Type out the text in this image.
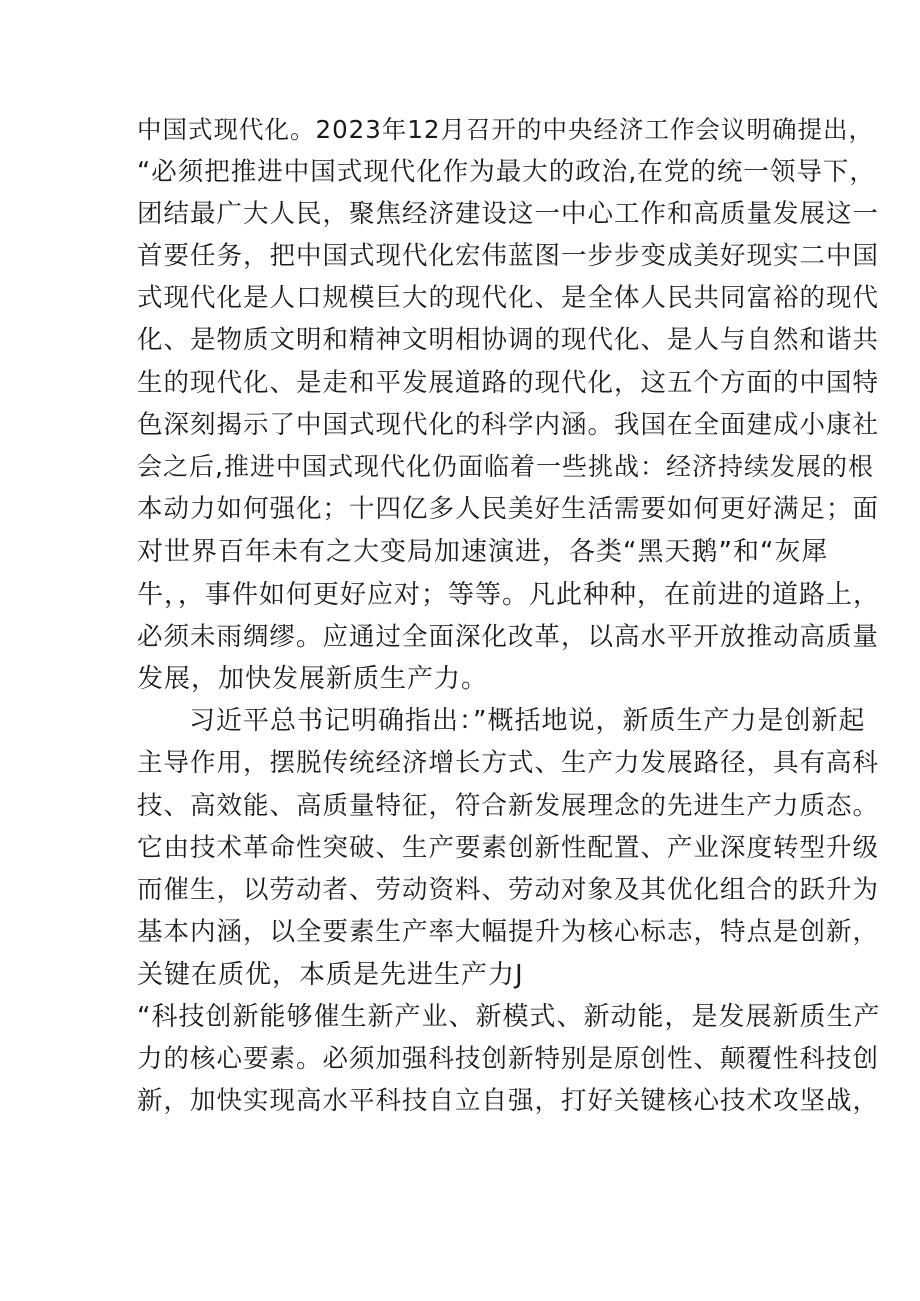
中国式现代化。2023年12月召开的中央经济工作会议明确提出，
“必须把推进中国式现代化作为最大的政治,在党的统一领导下，
团结最广大人民，聚焦经济建设这一中心工作和高质量发展这一
首要任务，把中国式现代化宏伟蓝图一步步变成美好现实二中国
式现代化是人口规模巨大的现代化、是全体人民共同富裕的现代
化、是物质文明和精神文明相协调的现代化、是人与自然和谐共
生的现代化、是走和平发展道路的现代化，这五个方面的中国特
色深刻揭示了中国式现代化的科学内涵。我国在全面建成小康社
会之后,推进中国式现代化仍面临着一些挑战：经济持续发展的根
本动力如何强化；十四亿多人民美好生活需要如何更好满足；面
对世界百年未有之大变局加速演进，各类“黑天鹅”和“灰犀
牛，，事件如何更好应对；等等。凡此种种，在前进的道路上，
必须未雨绸缪。应通过全面深化改革，以高水平开放推动高质量
发展，加快发展新质生产力。
习近平总书记明确指出：”概括地说，新质生产力是创新起
主导作用，摆脱传统经济增长方式、生产力发展路径，具有高科
技、高效能、高质量特征，符合新发展理念的先进生产力质态。
它由技术革命性突破、生产要素创新性配置、产业深度转型升级
而催生，以劳动者、劳动资料、劳动对象及其优化组合的跃升为
基本内涵，以全要素生产率大幅提升为核心标志，特点是创新，
关键在质优，本质是先进生产力J
“科技创新能够催生新产业、新模式、新动能，是发展新质生产
力的核心要素。必须加强科技创新特别是原创性、颠覆性科技创
新，加快实现高水平科技自立自强，打好关键核心技术攻坚战，
